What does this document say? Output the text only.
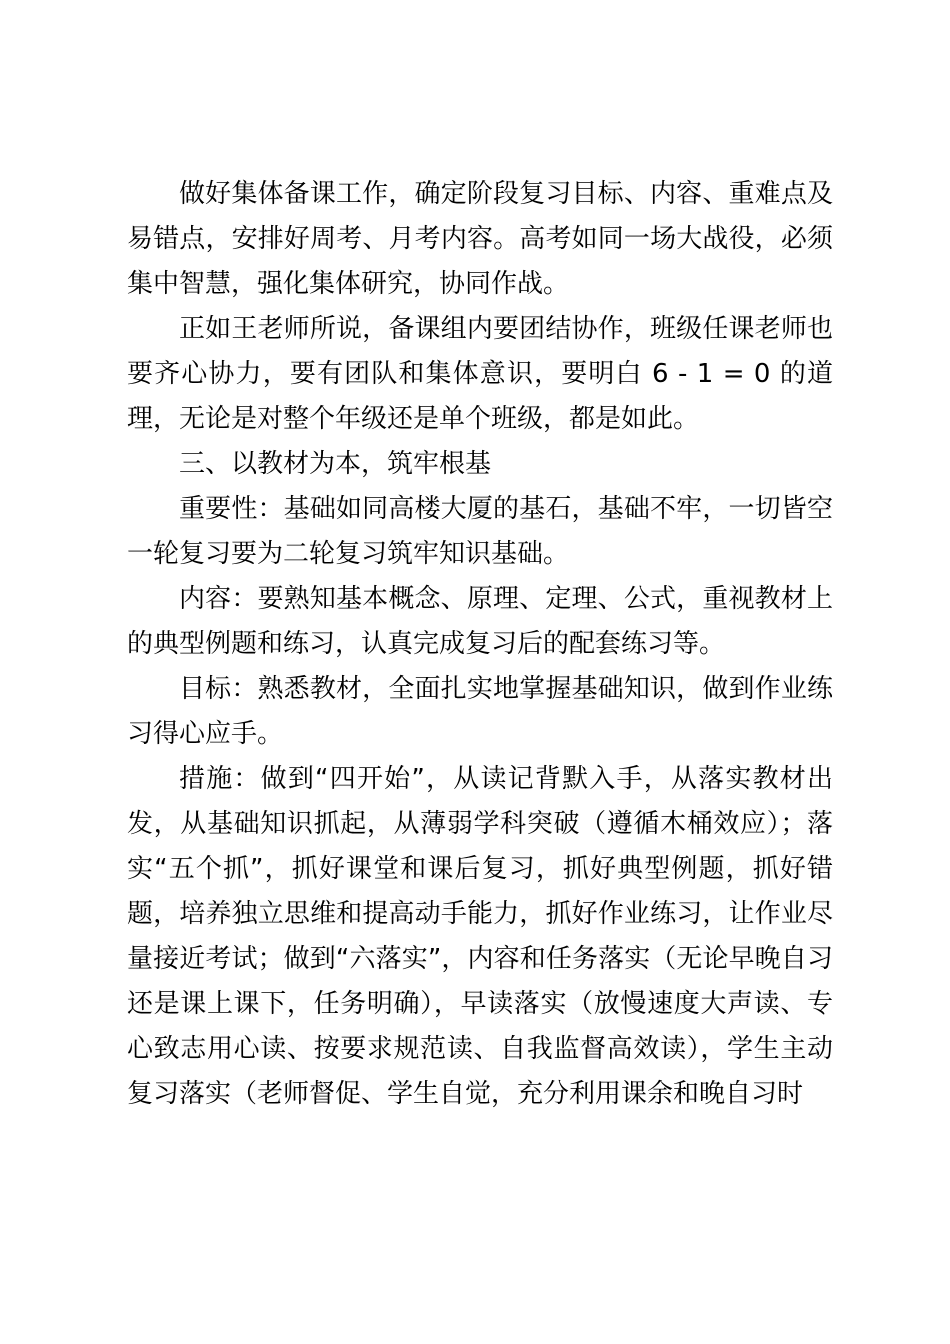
做好集体备课工作，确定阶段复习目标、内容、重难点及易错点，安排好周考、月考内容。高考如同一场大战役，必须集中智慧，强化集体研究，协同作战。

正如王老师所说，备课组内要团结协作，班级任课老师也要齐心协力，要有团队和集体意识，要明白 6 - 1 = 0 的道理，无论是对整个年级还是单个班级，都是如此。

三、以教材为本，筑牢根基

重要性：基础如同高楼大厦的基石，基础不牢，一切皆空一轮复习要为二轮复习筑牢知识基础。

内容：要熟知基本概念、原理、定理、公式，重视教材上的典型例题和练习，认真完成复习后的配套练习等。

目标：熟悉教材，全面扎实地掌握基础知识，做到作业练习得心应手。

措施：做到“四开始”，从读记背默入手，从落实教材出发，从基础知识抓起，从薄弱学科突破（遵循木桶效应）；落实“五个抓”，抓好课堂和课后复习，抓好典型例题，抓好错题，培养独立思维和提高动手能力，抓好作业练习，让作业尽量接近考试；做到“六落实”，内容和任务落实（无论早晚自习还是课上课下，任务明确），早读落实（放慢速度大声读、专心致志用心读、按要求规范读、自我监督高效读），学生主动复习落实（老师督促、学生自觉，充分利用课余和晚自习时
